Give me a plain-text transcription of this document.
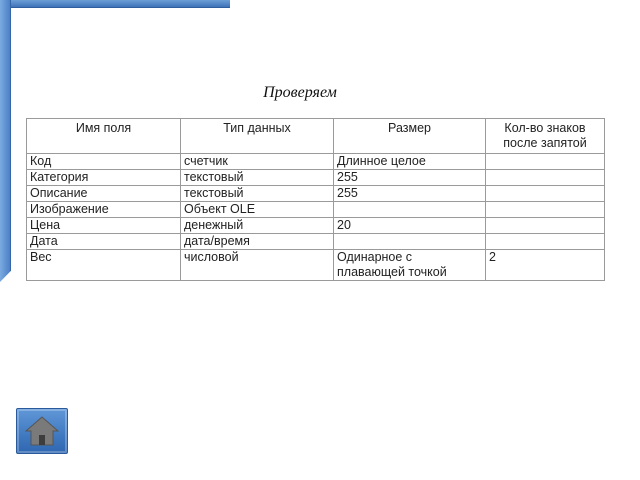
Проверяем
Имя поля	Тип данных	Размер	Кол-во знаков после запятой
Код	счетчик	Длинное целое	
Категория	текстовый	255	
Описание	текстовый	255	
Изображение	Объект OLE		
Цена	денежный	20	
Дата	дата/время		
Вес	числовой	Одинарное с плавающей точкой	2
